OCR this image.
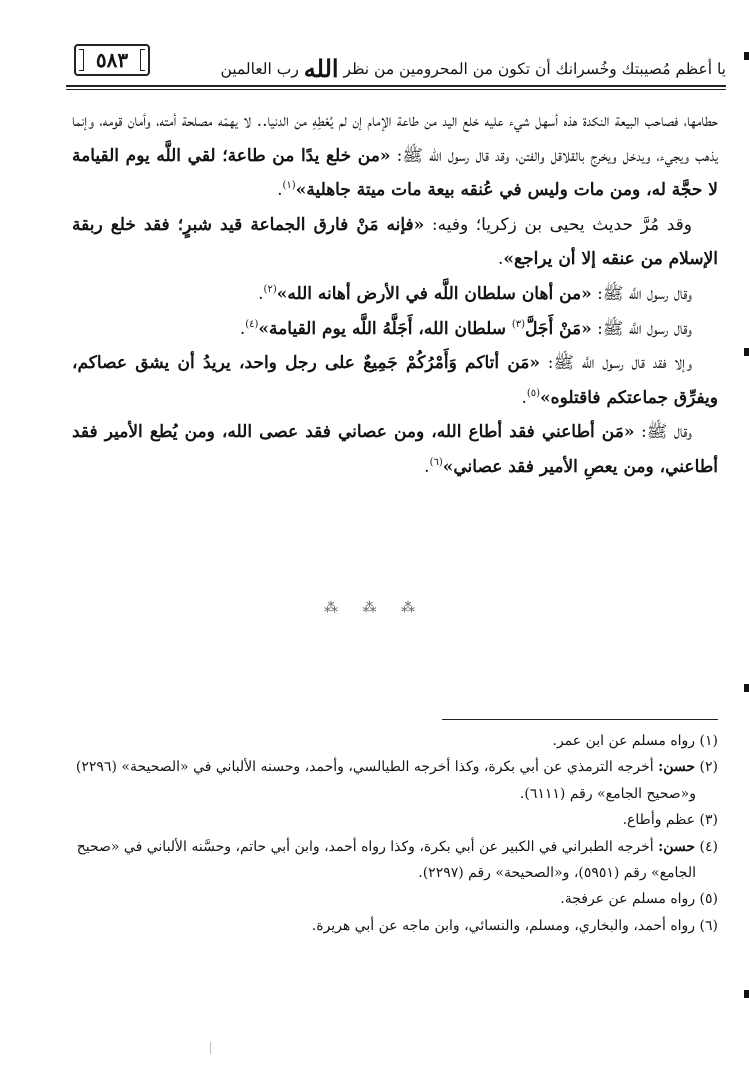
يا أعظم مُصيبتك وخُسرانك أن تكون من المحرومين من نظر الله رب العالمين
٥٨٣

حطامها، فصاحب البيعة النكدة هذه أسهل شيء عليه خلع اليد من طاعة الإمام إن لم يُعْطِهِ من الدنيا.. لا يهمّه مصلحة أمته، وأمان قومه، وإنما يذهب ويجيء، ويدخل ويخرج بالقلاقل والفتن، وقد قال رسول الله ﷺ: «من خلع يدًا من طاعة؛ لقي اللَّه يوم القيامة لا حجَّة له، ومن مات وليس في عُنقه بيعة مات ميتة جاهلية»$^{(١)}$.

وقد مُرَّ حديث يحيى بن زكريا؛ وفيه: «فإنه مَنْ فارق الجماعة قيد شبرٍ؛ فقد خلع ربقة الإسلام من عنقه إلا أن يراجع».

وقال رسول اللَّه ﷺ: «من أهان سلطان اللَّه في الأرض أهانه الله»$^{(٢)}$.

وقال رسول اللَّه ﷺ: «مَنْ أَجَلَّ$^{(٣)}$ سلطان الله، أَجَلَّهُ اللَّه يوم القيامة»$^{(٤)}$.

وإلا فقد قال رسول اللَّه ﷺ: «مَن أتاكم وَأَمْرُكُمْ جَمِيعٌ على رجل واحد، يريدُ أن يشق عصاكم، ويفرِّق جماعتكم فاقتلوه»$^{(٥)}$.

وقال ﷺ: «مَن أطاعني فقد أطاع الله، ومن عصاني فقد عصى الله، ومن يُطع الأمير فقد أطاعني، ومن يعصِ الأمير فقد عصاني»$^{(٦)}$.

⁂ ⁂ ⁂

(١) رواه مسلم عن ابن عمر.

(٢) حسن: أخرجه الترمذي عن أبي بكرة، وكذا أخرجه الطيالسي، وأحمد، وحسنه الألباني في «الصحيحة» (٢٢٩٦) و«صحيح الجامع» رقم (٦١١١).

(٣) عظم وأطاع.

(٤) حسن: أخرجه الطبراني في الكبير عن أبي بكرة، وكذا رواه أحمد، وابن أبي حاتم، وحسَّنه الألباني في «صحيح الجامع» رقم (٥٩٥١)، و«الصحيحة» رقم (٢٢٩٧).

(٥) رواه مسلم عن عرفجة.

(٦) رواه أحمد، والبخاري، ومسلم، والنسائي، وابن ماجه عن أبي هريرة.
